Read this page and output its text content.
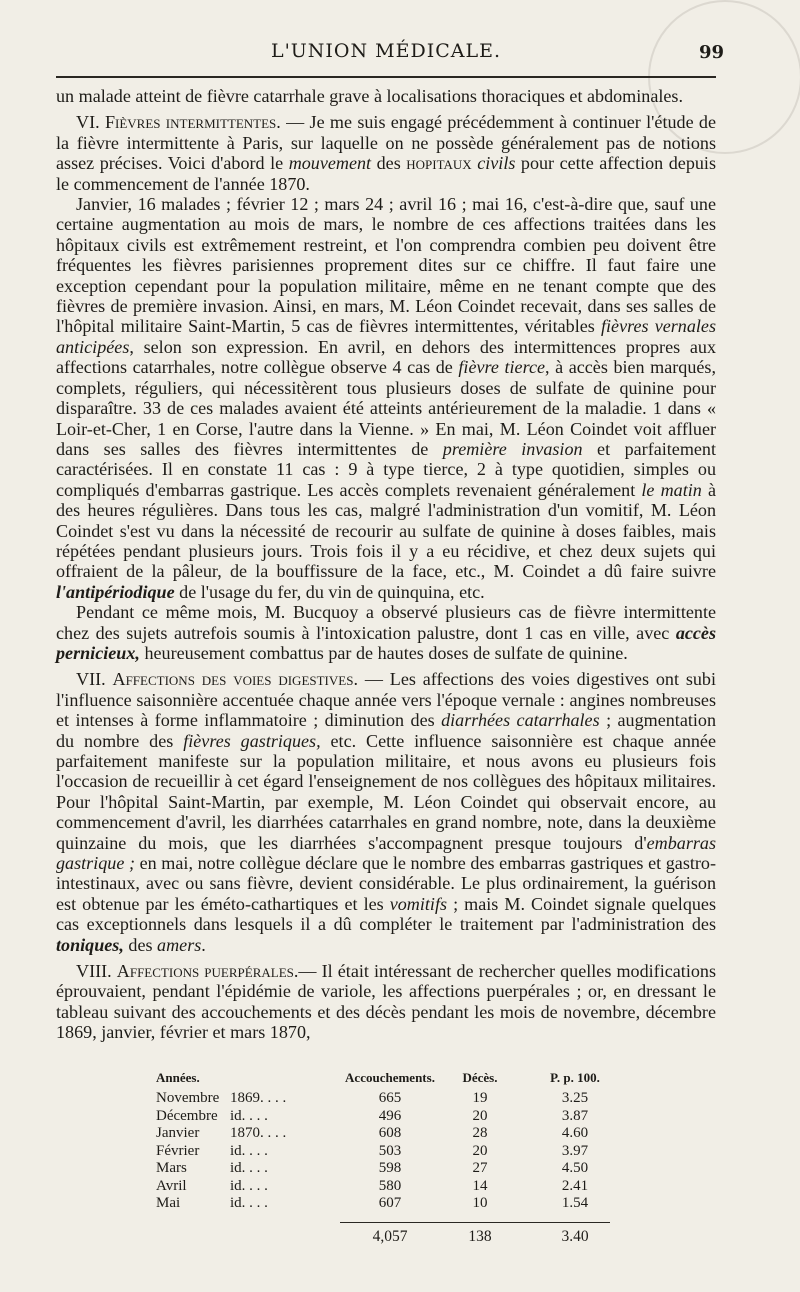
L'UNION MÉDICALE.	99

un malade atteint de fièvre catarrhale grave à localisations thoraciques et abdominales.

VI. Fièvres intermittentes. — Je me suis engagé précédemment à continuer l'étude de la fièvre intermittente à Paris, sur laquelle on ne possède généralement pas de notions assez précises. Voici d'abord le mouvement des hopitaux civils pour cette affection depuis le commencement de l'année 1870.

Janvier, 16 malades ; février 12 ; mars 24 ; avril 16 ; mai 16, c'est-à-dire que, sauf une certaine augmentation au mois de mars, le nombre de ces affections traitées dans les hôpitaux civils est extrêmement restreint, et l'on comprendra combien peu doivent être fréquentes les fièvres parisiennes proprement dites sur ce chiffre. Il faut faire une exception cependant pour la population militaire, même en ne tenant compte que des fièvres de première invasion. Ainsi, en mars, M. Léon Coindet recevait, dans ses salles de l'hôpital militaire Saint-Martin, 5 cas de fièvres intermittentes, véritables fièvres vernales anticipées, selon son expression. En avril, en dehors des intermittences propres aux affections catarrhales, notre collègue observe 4 cas de fièvre tierce, à accès bien marqués, complets, réguliers, qui nécessitèrent tous plusieurs doses de sulfate de quinine pour disparaître. 33 de ces malades avaient été atteints antérieurement de la maladie. 1 dans « Loir-et-Cher, 1 en Corse, l'autre dans la Vienne. » En mai, M. Léon Coindet voit affluer dans ses salles des fièvres intermittentes de première invasion et parfaitement caractérisées. Il en constate 11 cas : 9 à type tierce, 2 à type quotidien, simples ou compliqués d'embarras gastrique. Les accès complets revenaient généralement le matin à des heures régulières. Dans tous les cas, malgré l'administration d'un vomitif, M. Léon Coindet s'est vu dans la nécessité de recourir au sulfate de quinine à doses faibles, mais répétées pendant plusieurs jours. Trois fois il y a eu récidive, et chez deux sujets qui offraient de la pâleur, de la bouffissure de la face, etc., M. Coindet a dû faire suivre l'antipériodique de l'usage du fer, du vin de quinquina, etc.

Pendant ce même mois, M. Bucquoy a observé plusieurs cas de fièvre intermittente chez des sujets autrefois soumis à l'intoxication palustre, dont 1 cas en ville, avec accès pernicieux, heureusement combattus par de hautes doses de sulfate de quinine.

VII. Affections des voies digestives. — Les affections des voies digestives ont subi l'influence saisonnière accentuée chaque année vers l'époque vernale : angines nombreuses et intenses à forme inflammatoire ; diminution des diarrhées catarrhales ; augmentation du nombre des fièvres gastriques, etc. Cette influence saisonnière est chaque année parfaitement manifeste sur la population militaire, et nous avons eu plusieurs fois l'occasion de recueillir à cet égard l'enseignement de nos collègues des hôpitaux militaires. Pour l'hôpital Saint-Martin, par exemple, M. Léon Coindet qui observait encore, au commencement d'avril, les diarrhées catarrhales en grand nombre, note, dans la deuxième quinzaine du mois, que les diarrhées s'accompagnent presque toujours d'embarras gastrique ; en mai, notre collègue déclare que le nombre des embarras gastriques et gastro-intestinaux, avec ou sans fièvre, devient considérable. Le plus ordinairement, la guérison est obtenue par les éméto-cathartiques et les vomitifs ; mais M. Coindet signale quelques cas exceptionnels dans lesquels il a dû compléter le traitement par l'administration des toniques, des amers.

VIII. Affections puerpérales.— Il était intéressant de rechercher quelles modifications éprouvaient, pendant l'épidémie de variole, les affections puerpérales ; or, en dressant le tableau suivant des accouchements et des décès pendant les mois de novembre, décembre 1869, janvier, février et mars 1870,

Années.	Accouchements.	Décès.	P. p. 100.
Novembre 1869. . . .	665	19	3.25
Décembre id. . . .	496	20	3.87
Janvier 1870. . . .	608	28	4.60
Février id. . . .	503	20	3.97
Mars	id. . . .	598	27	4.50
Avril	id. . . .	580	14	2.41
Mai	id. . . .	607	10	1.54
4,057	138	3.40
